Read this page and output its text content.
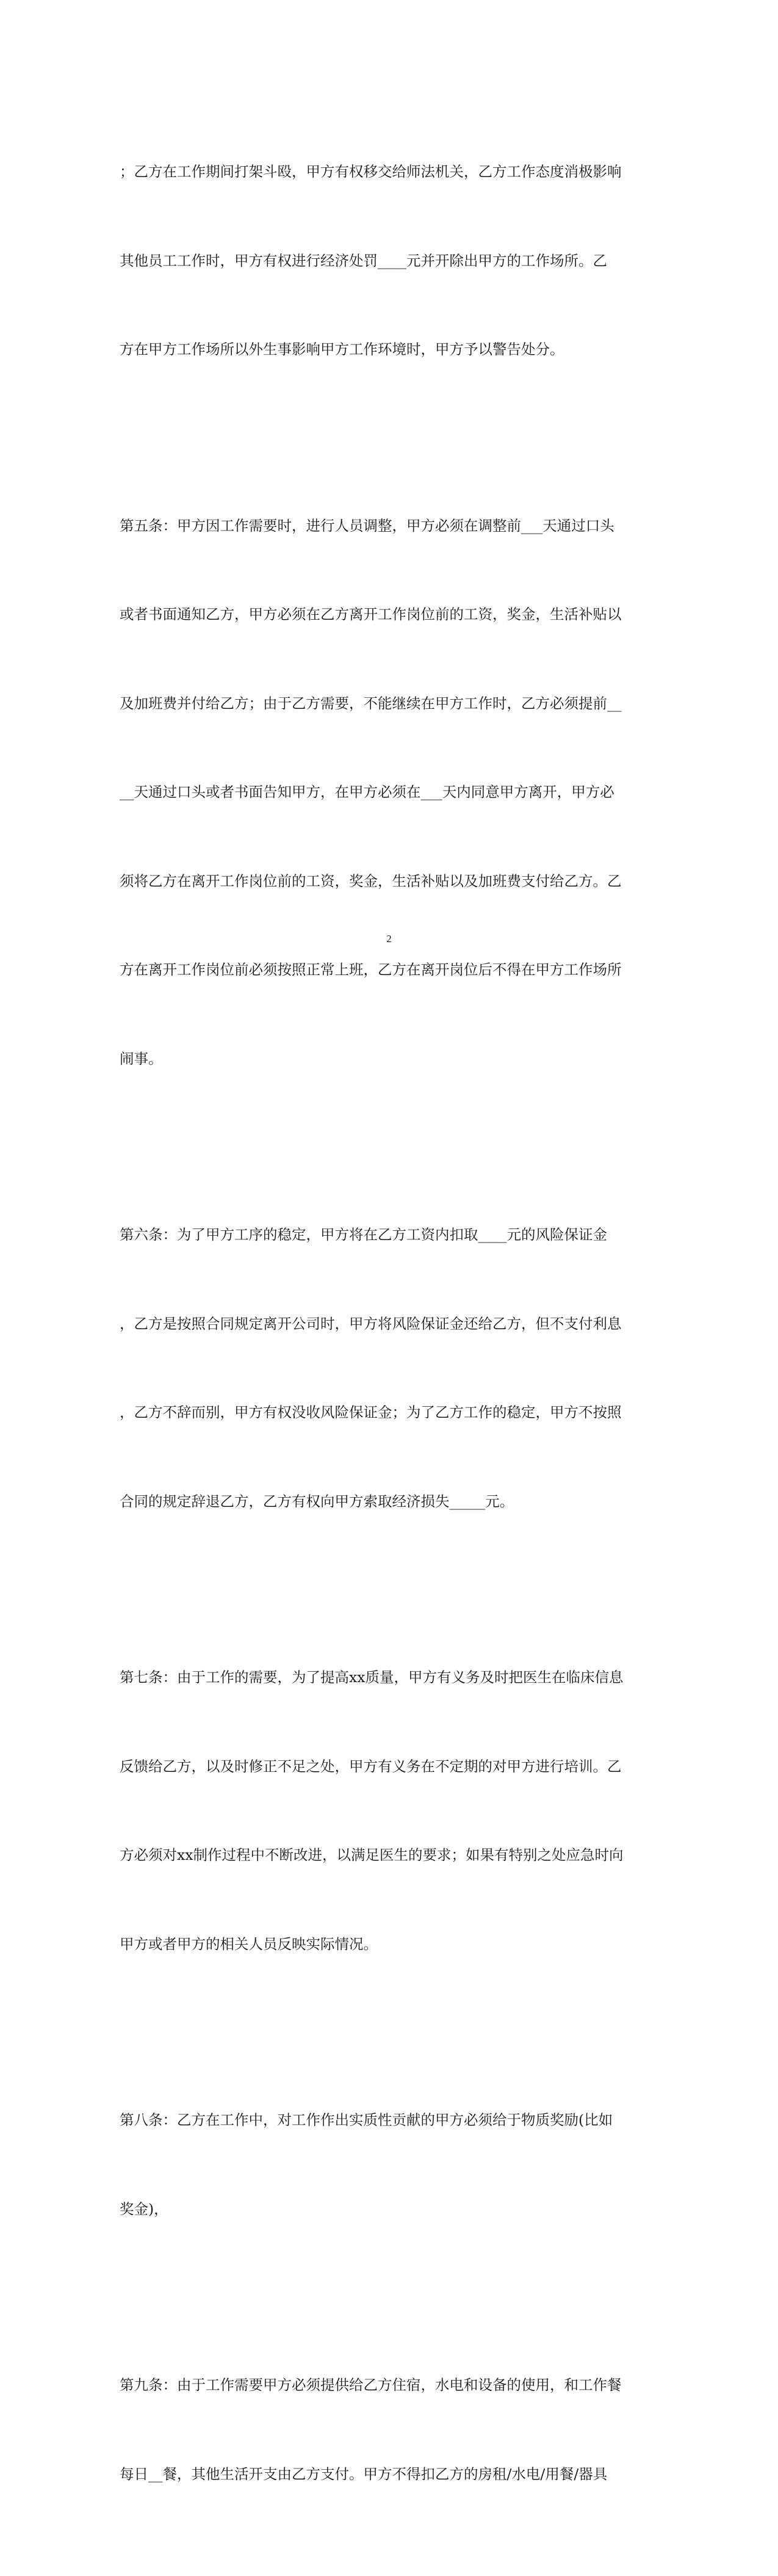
；乙方在工作期间打架斗殴，甲方有权移交给师法机关，乙方工作态度消极影响

其他员工工作时，甲方有权进行经济处罚____元并开除出甲方的工作场所。乙

方在甲方工作场所以外生事影响甲方工作环境时，甲方予以警告处分。

第五条：甲方因工作需要时，进行人员调整，甲方必须在调整前___天通过口头

或者书面通知乙方，甲方必须在乙方离开工作岗位前的工资，奖金，生活补贴以

及加班费并付给乙方；由于乙方需要，不能继续在甲方工作时，乙方必须提前__

__天通过口头或者书面告知甲方，在甲方必须在___天内同意甲方离开，甲方必

须将乙方在离开工作岗位前的工资，奖金，生活补贴以及加班费支付给乙方。乙

方在离开工作岗位前必须按照正常上班，乙方在离开岗位后不得在甲方工作场所

闹事。

第六条：为了甲方工序的稳定，甲方将在乙方工资内扣取____元的风险保证金

，乙方是按照合同规定离开公司时，甲方将风险保证金还给乙方，但不支付利息

，乙方不辞而别，甲方有权没收风险保证金；为了乙方工作的稳定，甲方不按照

合同的规定辞退乙方，乙方有权向甲方索取经济损失_____元。

第七条：由于工作的需要，为了提高xx质量，甲方有义务及时把医生在临床信息

反馈给乙方，以及时修正不足之处，甲方有义务在不定期的对甲方进行培训。乙

方必须对xx制作过程中不断改进，以满足医生的要求；如果有特别之处应急时向

甲方或者甲方的相关人员反映实际情况。

第八条：乙方在工作中，对工作作出实质性贡献的甲方必须给于物质奖励(比如

奖金)，

第九条：由于工作需要甲方必须提供给乙方住宿，水电和设备的使用，和工作餐

每日__餐，其他生活开支由乙方支付。甲方不得扣乙方的房租/水电/用餐/器具

2
